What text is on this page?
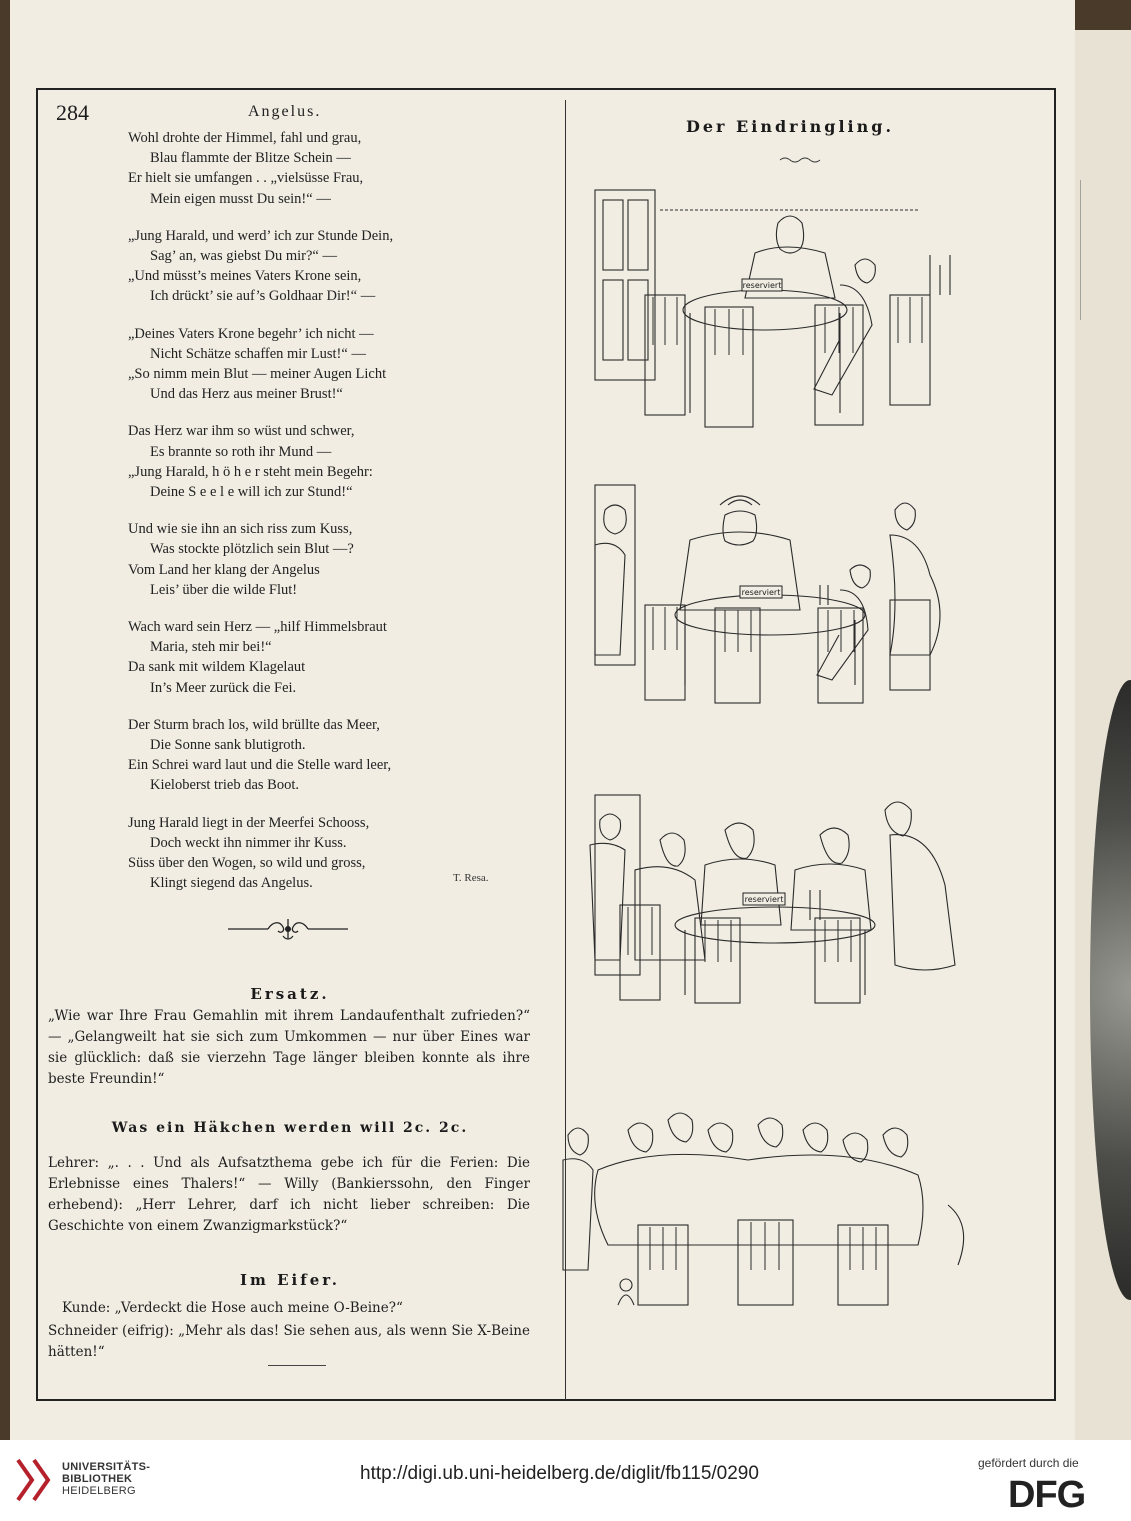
284	Angelus.
Wohl drohte der Himmel, fahl und grau,
Blau flammte der Blitze Schein —
Er hielt sie umfangen . . „vielsüsse Frau,
Mein eigen musst Du sein!“ —
„Jung Harald, und werd’ ich zur Stunde Dein,
Sag’ an, was giebst Du mir?“ —
„Und müsst’s meines Vaters Krone sein,
Ich drückt’ sie auf’s Goldhaar Dir!“ —
„Deines Vaters Krone begehr’ ich nicht —
Nicht Schätze schaffen mir Lust!“ —
„So nimm mein Blut — meiner Augen Licht
Und das Herz aus meiner Brust!“
Das Herz war ihm so wüst und schwer,
Es brannte so roth ihr Mund —
„Jung Harald, h ö h e r steht mein Begehr:
Deine S e e l e will ich zur Stund!“
Und wie sie ihn an sich riss zum Kuss,
Was stockte plötzlich sein Blut —?
Vom Land her klang der Angelus
Leis’ über die wilde Flut!
Wach ward sein Herz — „hilf Himmelsbraut
Maria, steh mir bei!“
Da sank mit wildem Klagelaut
In’s Meer zurück die Fei.
Der Sturm brach los, wild brüllte das Meer,
Die Sonne sank blutigroth.
Ein Schrei ward laut und die Stelle ward leer,
Kieloberst trieb das Boot.
Jung Harald liegt in der Meerfei Schooss,
Doch weckt ihn nimmer ihr Kuss.
Süss über den Wogen, so wild und gross,
Klingt siegend das Angelus.	T. Resa.
Ersatz.
„Wie war Ihre Frau Gemahlin mit ihrem Landaufenthalt zufrieden?“ — „Gelangweilt hat sie sich zum Umkommen — nur über Eines war sie glücklich: daß sie vierzehn Tage länger bleiben konnte als ihre beste Freundin!“
Was ein Häkchen werden will 2c. 2c.
Lehrer: „. . . Und als Aufsatzthema gebe ich für die Ferien: Die Erlebnisse eines Thalers!“ — Willy (Bankierssohn, den Finger erhebend): „Herr Lehrer, darf ich nicht lieber schreiben: Die Geschichte von einem Zwanzigmarkstück?“
Im Eifer.
Kunde: „Verdeckt die Hose auch meine O-Beine?“
Schneider (eifrig): „Mehr als das! Sie sehen aus, als wenn Sie X-Beine hätten!“
Der Eindringling.
reserviert
reserviert
reserviert
UNIVERSITÄTS-
BIBLIOTHEK
HEIDELBERG
http://digi.ub.uni-heidelberg.de/diglit/fb115/0290	gefördert durch die
DFG
